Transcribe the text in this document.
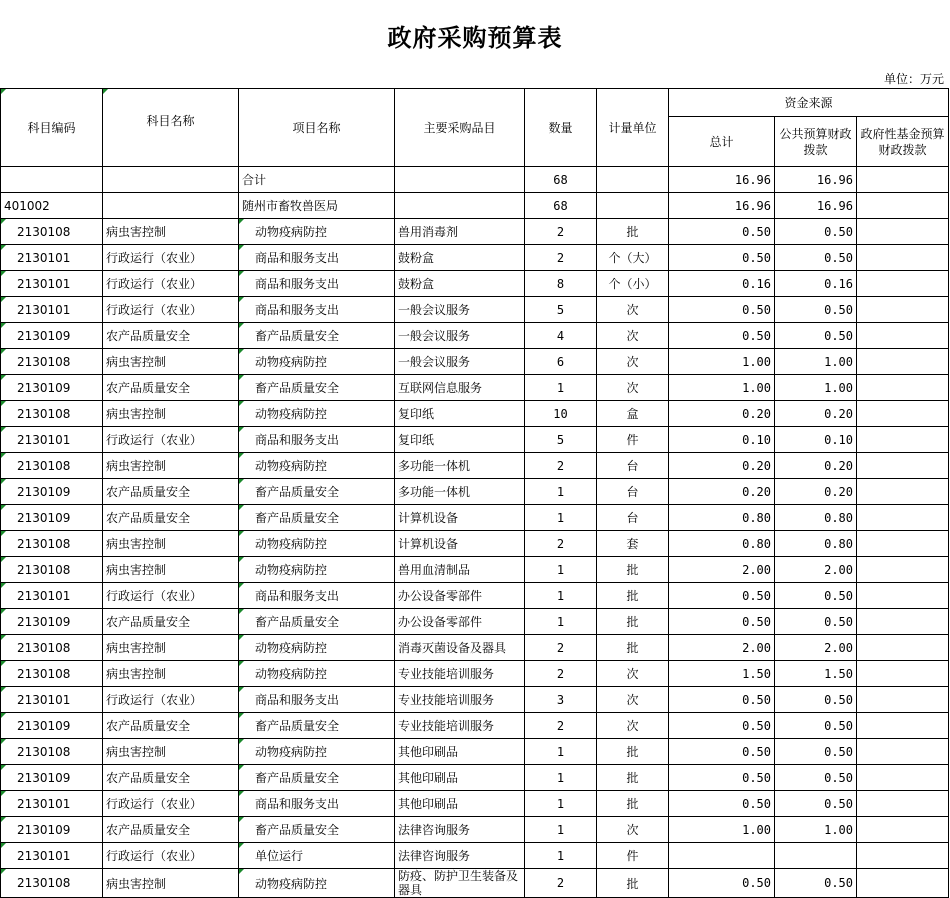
政府采购预算表
单位：万元
科目编码	科目名称	项目名称	主要采购品目	数量	计量单位	资金来源		
						总计	公共预算财政拨款	政府性基金预算财政拨款
		合计		68		16.96	16.96	
401002		随州市畜牧兽医局		68		16.96	16.96	
2130108	病虫害控制	动物疫病防控	兽用消毒剂	2	批	0.50	0.50	
2130101	行政运行（农业）	商品和服务支出	鼓粉盒	2	个（大）	0.50	0.50	
2130101	行政运行（农业）	商品和服务支出	鼓粉盒	8	个（小）	0.16	0.16	
2130101	行政运行（农业）	商品和服务支出	一般会议服务	5	次	0.50	0.50	
2130109	农产品质量安全	畜产品质量安全	一般会议服务	4	次	0.50	0.50	
2130108	病虫害控制	动物疫病防控	一般会议服务	6	次	1.00	1.00	
2130109	农产品质量安全	畜产品质量安全	互联网信息服务	1	次	1.00	1.00	
2130108	病虫害控制	动物疫病防控	复印纸	10	盒	0.20	0.20	
2130101	行政运行（农业）	商品和服务支出	复印纸	5	件	0.10	0.10	
2130108	病虫害控制	动物疫病防控	多功能一体机	2	台	0.20	0.20	
2130109	农产品质量安全	畜产品质量安全	多功能一体机	1	台	0.20	0.20	
2130109	农产品质量安全	畜产品质量安全	计算机设备	1	台	0.80	0.80	
2130108	病虫害控制	动物疫病防控	计算机设备	2	套	0.80	0.80	
2130108	病虫害控制	动物疫病防控	兽用血清制品	1	批	2.00	2.00	
2130101	行政运行（农业）	商品和服务支出	办公设备零部件	1	批	0.50	0.50	
2130109	农产品质量安全	畜产品质量安全	办公设备零部件	1	批	0.50	0.50	
2130108	病虫害控制	动物疫病防控	消毒灭菌设备及器具	2	批	2.00	2.00	
2130108	病虫害控制	动物疫病防控	专业技能培训服务	2	次	1.50	1.50	
2130101	行政运行（农业）	商品和服务支出	专业技能培训服务	3	次	0.50	0.50	
2130109	农产品质量安全	畜产品质量安全	专业技能培训服务	2	次	0.50	0.50	
2130108	病虫害控制	动物疫病防控	其他印刷品	1	批	0.50	0.50	
2130109	农产品质量安全	畜产品质量安全	其他印刷品	1	批	0.50	0.50	
2130101	行政运行（农业）	商品和服务支出	其他印刷品	1	批	0.50	0.50	
2130109	农产品质量安全	畜产品质量安全	法律咨询服务	1	次	1.00	1.00	
2130101	行政运行（农业）	单位运行	法律咨询服务	1	件			
2130108	病虫害控制	动物疫病防控	防疫、防护卫生装备及器具	2	批	0.50	0.50	
